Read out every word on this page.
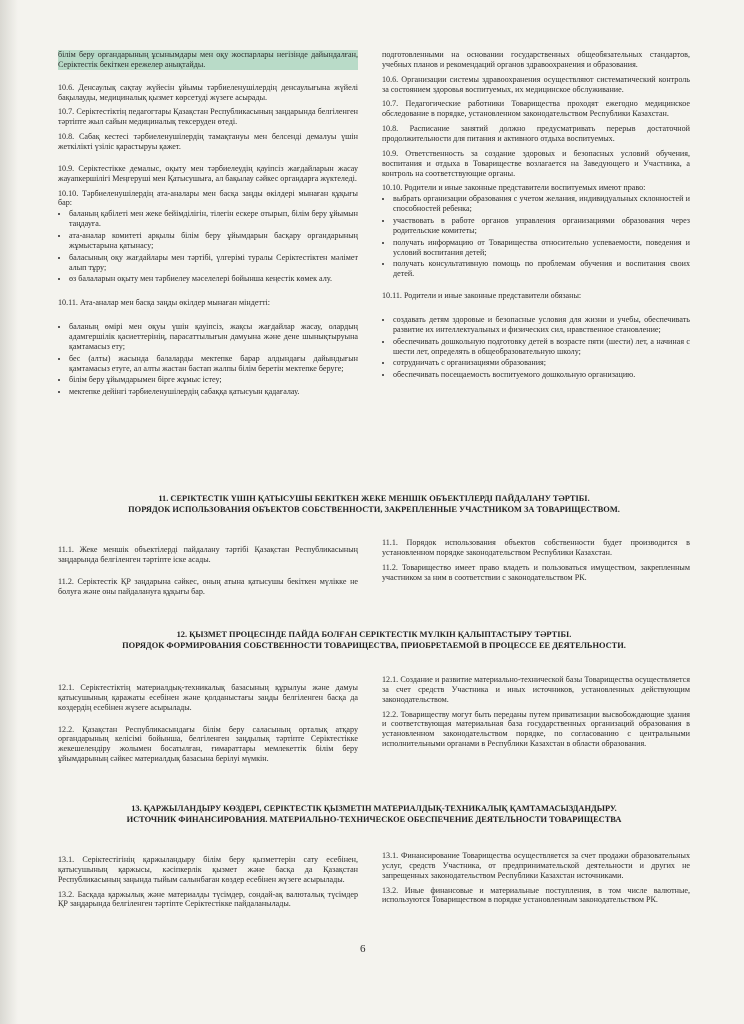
білім беру органдарының ұсынымдары мен оқу жоспарлары негізінде дайындалған, Серіктестік бекіткен ережелер анықтайды.

10.6. Денсаулық сақтау жүйесін ұйымы тәрбиеленушілердің денсаулығына жүйелі бақылауды, медициналық қызмет көрсетуді жүзеге асырады.

10.7. Серіктестіктің педагогтары Қазақстан Республикасының заңдарында белгіленген тәртіпте жыл сайын медициналық тексеруден өтеді.

10.8. Сабақ кестесі тәрбиеленушілердің тамақтануы мен белсенді демалуы үшін жеткілікті үзіліс қарастыруы қажет.

10.9. Серіктестікке демалыс, оқыту мен тәрбиелеудің қауіпсіз жағдайларын жасау жауапкершілігі Меңгеруші мен Қатысушыға, ал бақылау сәйкес органдарға жүктеледі.

10.10. Тәрбиеленушілердің ата-аналары мен басқа заңды өкілдері мынаған құқығы бар:

• баланың қабілеті мен жеке бейімділігін, тілегін ескере отырып, білім беру ұйымын таңдауға.
• ата-аналар комитеті арқылы білім беру ұйымдарын басқару органдарының жұмыстарына қатынасу;
• баласының оқу жағдайлары мен тәртібі, үлгерімі туралы Серіктестіктен мәлімет алып тұру;
• өз балаларын оқыту мен тәрбиелеу мәселелері бойынша кеңестік көмек алу.

10.11. Ата-аналар мен басқа заңды өкілдер мынаған міндетті:

• баланың өмірі мен оқуы үшін қауіпсіз, жақсы жағдайлар жасау, олардың адамгершілік қасиеттерінің, парасаттылығын дамуына және дене шынықтыруына қамтамасыз ету;
• бес (алты) жасында балаларды мектепке барар алдындағы дайындығын қамтамасыз етуге, ал алты жастан бастап жалпы білім беретін мектепке беруге;
• білім беру ұйымдарымен бірге жұмыс істеу;
• мектепке дейінгі тәрбиеленушілердің сабаққа қатысуын қадағалау.

подготовленными на основании государственных общеобязательных стандартов, учебных планов и рекомендаций органов здравоохранения и образования.

10.6. Организации системы здравоохранения осуществляют систематический контроль за состоянием здоровья воспитуемых, их медицинское обслуживание.

10.7. Педагогические работники Товарищества проходят ежегодно медицинское обследование в порядке, установленном законодательством Республики Казахстан.

10.8. Расписание занятий должно предусматривать перерыв достаточной продолжительности для питания и активного отдыха воспитуемых.

10.9. Ответственность за создание здоровых и безопасных условий обучения, воспитания и отдыха в Товариществе возлагается на Заведующего и Участника, а контроль на соответствующие органы.

10.10. Родители и иные законные представители воспитуемых имеют право:

• выбрать организации образования с учетом желания, индивидуальных склонностей и способностей ребенка;
• участвовать в работе органов управления организациями образования через родительские комитеты;
• получать информацию от Товарищества относительно успеваемости, поведения и условий воспитания детей;
• получать консультативную помощь по проблемам обучения и воспитания своих детей.

10.11. Родители и иные законные представители обязаны:

• создавать детям здоровые и безопасные условия для жизни и учебы, обеспечивать развитие их интеллектуальных и физических сил, нравственное становление;
• обеспечивать дошкольную подготовку детей в возрасте пяти (шести) лет, а начиная с шести лет, определять в общеобразовательную школу;
• сотрудничать с организациями образования;
• обеспечивать посещаемость воспитуемого дошкольную организацию.
11. СЕРІКТЕСТІК ҮШІН ҚАТЫСУШЫ БЕКІТКЕН ЖЕКЕ МЕНШІК ОБЪЕКТІЛЕРДІ ПАЙДАЛАНУ ТӘРТІБІ.
ПОРЯДОК ИСПОЛЬЗОВАНИЯ ОБЪЕКТОВ СОБСТВЕННОСТИ, ЗАКРЕПЛЕННЫЕ УЧАСТНИКОМ ЗА ТОВАРИЩЕСТВОМ.

11.1. Жеке меншік объектілерді пайдалану тәртібі Қазақстан Республикасының заңдарында белгіленген тәртіпте іске асады.

11.2. Серіктестік ҚР заңдарына сәйкес, оның атына қатысушы бекіткен мүлікке не болуға және оны пайдалануға құқығы бар.

11.1. Порядок использования объектов собственности будет производится в установленном порядке законодательством Республики Казахстан.

11.2. Товарищество имеет право владеть и пользоваться имуществом, закрепленным участником за ним в соответствии с законодательством РК.

12. ҚЫЗМЕТ ПРОЦЕСІНДЕ ПАЙДА БОЛҒАН СЕРІКТЕСТІК МҮЛКІН ҚАЛЫПТАСТЫРУ ТӘРТІБІ.
ПОРЯДОК ФОРМИРОВАНИЯ СОБСТВЕННОСТИ ТОВАРИЩЕСТВА, ПРИОБРЕТАЕМОЙ В ПРОЦЕССЕ ЕЕ ДЕЯТЕЛЬНОСТИ.

12.1. Серіктестіктің материалдық-техникалық базасының құрылуы және дамуы қатысушының қаражаты есебінен және қолданыстағы заңды белгіленген басқа да көздердің есебінен жүзеге асырылады.

12.2. Қазақстан Республикасындағы білім беру саласының орталық атқару органдарының келісімі бойынша, белгіленген заңдылық тәртіпте Серіктестікке жекешелендіру жолымен босатылған, ғимараттары мемлекеттік білім беру ұйымдарының сәйкес материалдық базасына берілуі мүмкін.

12.1. Создание и развитие материально-технической базы Товарищества осуществляется за счет средств Участника и иных источников, установленных действующим законодательством.

12.2. Товариществу могут быть переданы путем приватизации высвобождающие здания и соответствующая материальная база государственных организаций образования в установленном законодательством порядке, по согласованию с центральными исполнительными органами в Республики Казахстан в области образования.

13. ҚАРЖЫЛАНДЫРУ КӨЗДЕРІ, СЕРІКТЕСТІК ҚЫЗМЕТІН МАТЕРИАЛДЫҚ-ТЕХНИКАЛЫҚ ҚАМТАМАСЫЗДАНДЫРУ.
ИСТОЧНИК ФИНАНСИРОВАНИЯ. МАТЕРИАЛЬНО-ТЕХНИЧЕСКОЕ ОБЕСПЕЧЕНИЕ ДЕЯТЕЛЬНОСТИ ТОВАРИЩЕСТВА

13.1. Серіктестігінің қаржыландыру білім беру қызметтерін сату есебінен, қатысушының қаржысы, кәсіпкерлік қызмет және басқа да Қазақстан Республикасының заңында тыйым салынбаған көздер есебінен жүзеге асырылады.

13.2. Басқада қаржылық және материалды түсімдер, сондай-ақ валюталық түсімдер ҚР заңдарында белгіленген тәртіпте Серіктестікке пайдаланылады.

13.1. Финансирование Товарищества осуществляется за счет продажи образовательных услуг, средств Участника, от предпринимательской деятельности и других не запрещенных законодательством Республики Казахстан источниками.

13.2. Иные финансовые и материальные поступления, в том числе валютные, используются Товариществом в порядке установленным законодательством РК.

6
